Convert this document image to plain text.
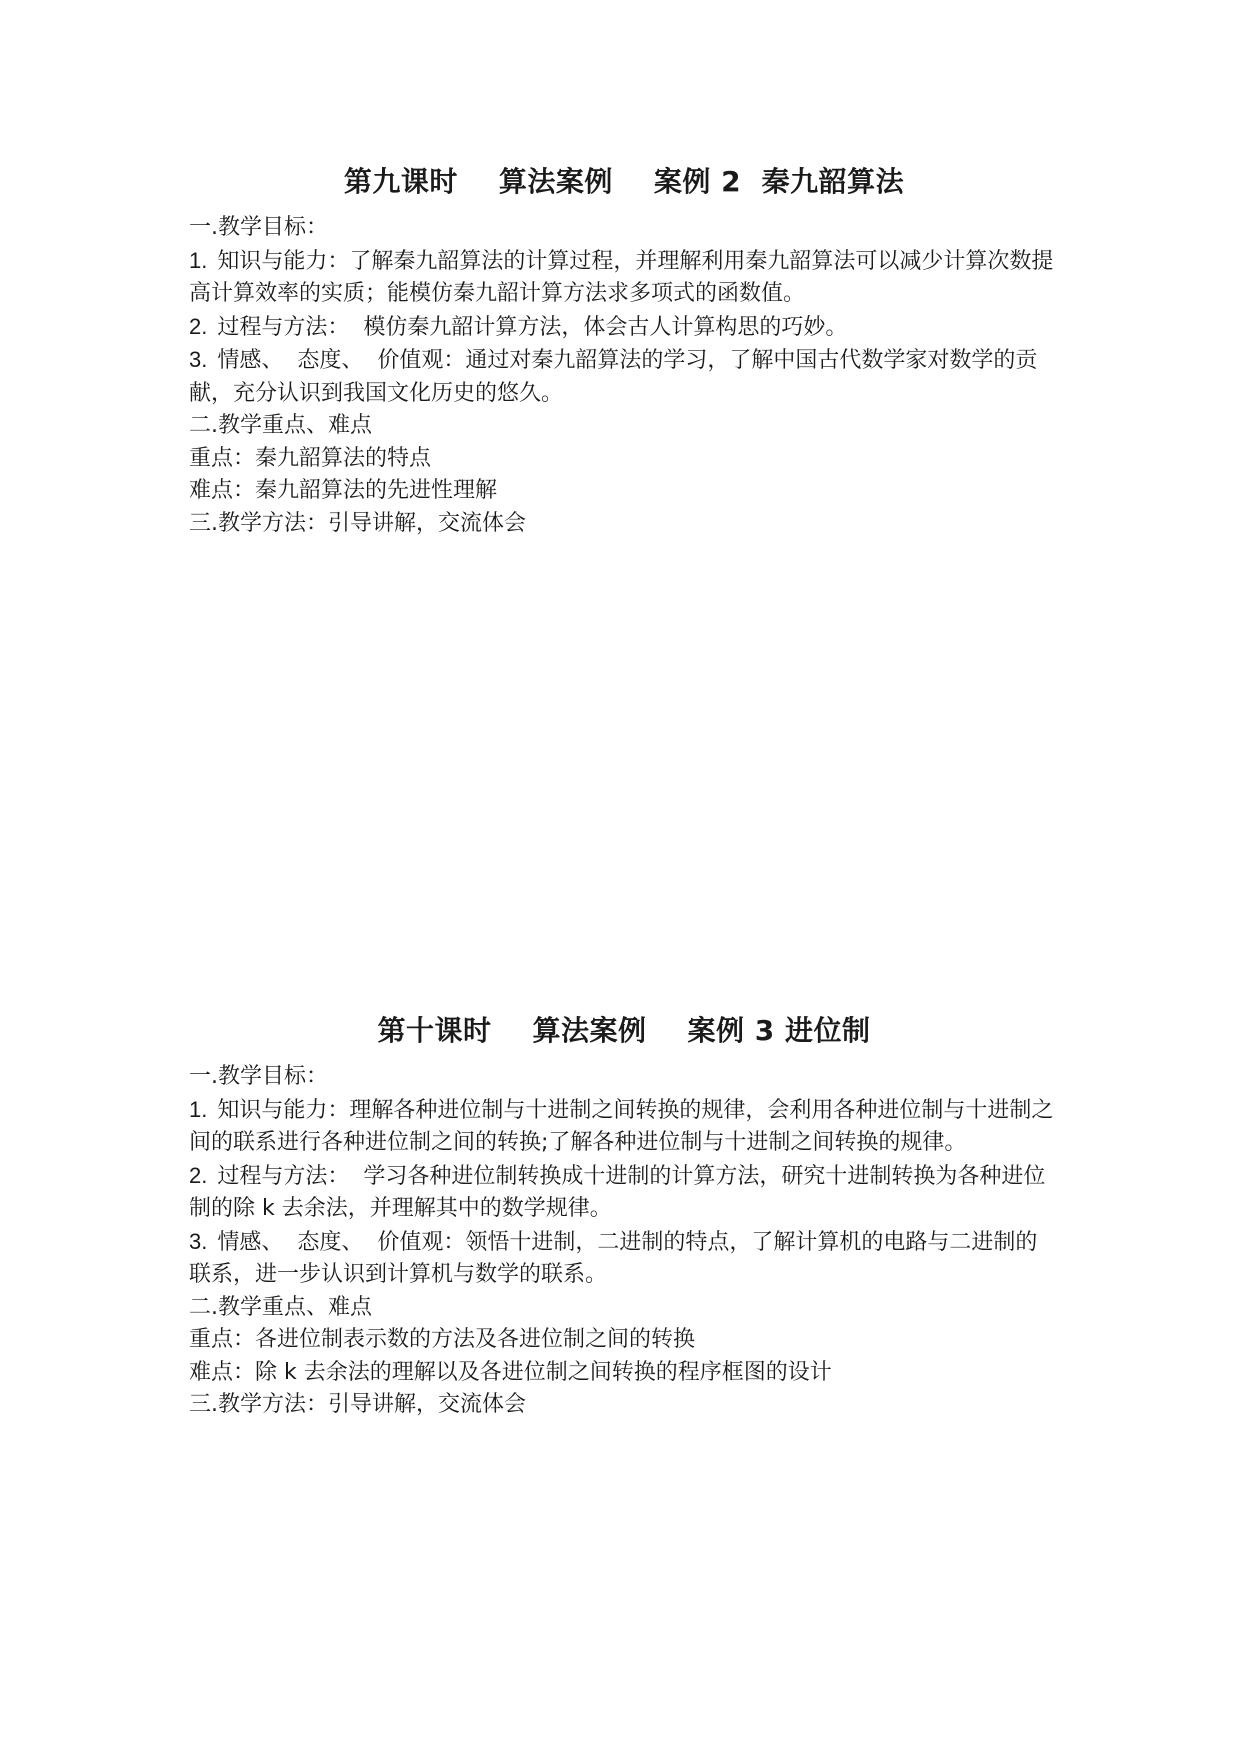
第九课时    算法案例    案例 2  秦九韶算法

一.教学目标：

1. 知识与能力：了解秦九韶算法的计算过程，并理解利用秦九韶算法可以减少计算次数提高计算效率的实质；能模仿秦九韶计算方法求多项式的函数值。

2. 过程与方法：  模仿秦九韶计算方法，体会古人计算构思的巧妙。

3. 情感、  态度、  价值观：通过对秦九韶算法的学习，了解中国古代数学家对数学的贡献，充分认识到我国文化历史的悠久。

二.教学重点、难点

重点：秦九韶算法的特点

难点：秦九韶算法的先进性理解

三.教学方法：引导讲解，交流体会

第十课时    算法案例    案例 3 进位制

一.教学目标：

1. 知识与能力：理解各种进位制与十进制之间转换的规律，会利用各种进位制与十进制之间的联系进行各种进位制之间的转换;了解各种进位制与十进制之间转换的规律。

2. 过程与方法：  学习各种进位制转换成十进制的计算方法，研究十进制转换为各种进位制的除 k 去余法，并理解其中的数学规律。

3. 情感、  态度、  价值观：领悟十进制，二进制的特点，了解计算机的电路与二进制的联系，进一步认识到计算机与数学的联系。

二.教学重点、难点

重点：各进位制表示数的方法及各进位制之间的转换

难点：除 k 去余法的理解以及各进位制之间转换的程序框图的设计

三.教学方法：引导讲解，交流体会
